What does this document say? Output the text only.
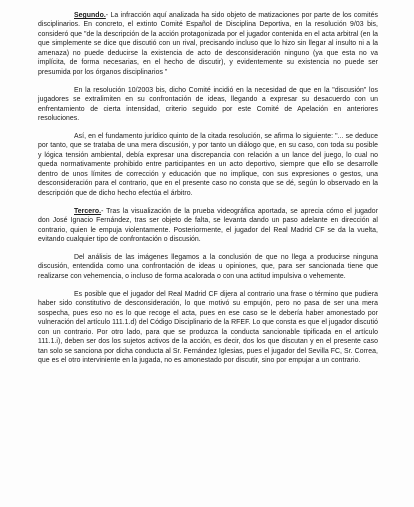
Segundo.- La infracción aquí analizada ha sido objeto de matizaciones por parte de los comités disciplinarios. En concreto, el extinto Comité Español de Disciplina Deportiva, en la resolución 9/03 bis, consideró que "de la descripción de la acción protagonizada por el jugador contenida en el acta arbitral (en la que simplemente se dice que discutió con un rival, precisando incluso que lo hizo sin llegar al insulto ni a la amenaza) no puede deducirse la existencia de acto de desconsideración ninguno (ya que esta no va implícita, de forma necesarias, en el hecho de discutir), y evidentemente su existencia no puede ser presumida por los órganos disciplinarios "

En la resolución 10/2003 bis, dicho Comité incidió en la necesidad de que en la "discusión" los jugadores se extralimiten en su confrontación de ideas, llegando a expresar su desacuerdo con un enfrentamiento de cierta intensidad, criterio seguido por este Comité de Apelación en anteriores resoluciones.

Así, en el fundamento jurídico quinto de la citada resolución, se afirma lo siguiente: "... se deduce por tanto, que se trataba de una mera discusión, y por tanto un diálogo que, en su caso, con toda su posible y lógica tensión ambiental, debía expresar una discrepancia con relación a un lance del juego, lo cual no queda normativamente prohibido entre participantes en un acto deportivo, siempre que ello se desarrolle dentro de unos límites de corrección y educación que no implique, con sus expresiones o gestos, una desconsideración para el contrario, que en el presente caso no consta que se dé, según lo observado en la descripción que de dicho hecho efectúa el árbitro.

Tercero.- Tras la visualización de la prueba videográfica aportada, se aprecia cómo el jugador don José Ignacio Fernández, tras ser objeto de falta, se levanta dando un paso adelante en dirección al contrario, quien le empuja violentamente. Posteriormente, el jugador del Real Madrid CF se da la vuelta, evitando cualquier tipo de confrontación o discusión.

Del análisis de las imágenes llegamos a la conclusión de que no llega a producirse ninguna discusión, entendida como una confrontación de ideas u opiniones, que, para ser sancionada tiene que realizarse con vehemencia, o incluso de forma acalorada o con una actitud impulsiva o vehemente.

Es posible que el jugador del Real Madrid CF dijera al contrario una frase o término que pudiera haber sido constitutivo de desconsideración, lo que motivó su empujón, pero no pasa de ser una mera sospecha, pues eso no es lo que recoge el acta, pues en ese caso se le debería haber amonestado por vulneración del artículo 111.1.d) del Código Disciplinario de la RFEF. Lo que consta es que el jugador discutió con un contrario. Por otro lado, para que se produzca la conducta sancionable tipificada en el artículo 111.1.i), deben ser dos los sujetos activos de la acción, es decir, dos los que discutan y en el presente caso tan solo se sanciona por dicha conducta al Sr. Fernández Iglesias, pues el jugador del Sevilla FC, Sr. Correa, que es el otro interviniente en la jugada, no es amonestado por discutir, sino por empujar a un contrario.
